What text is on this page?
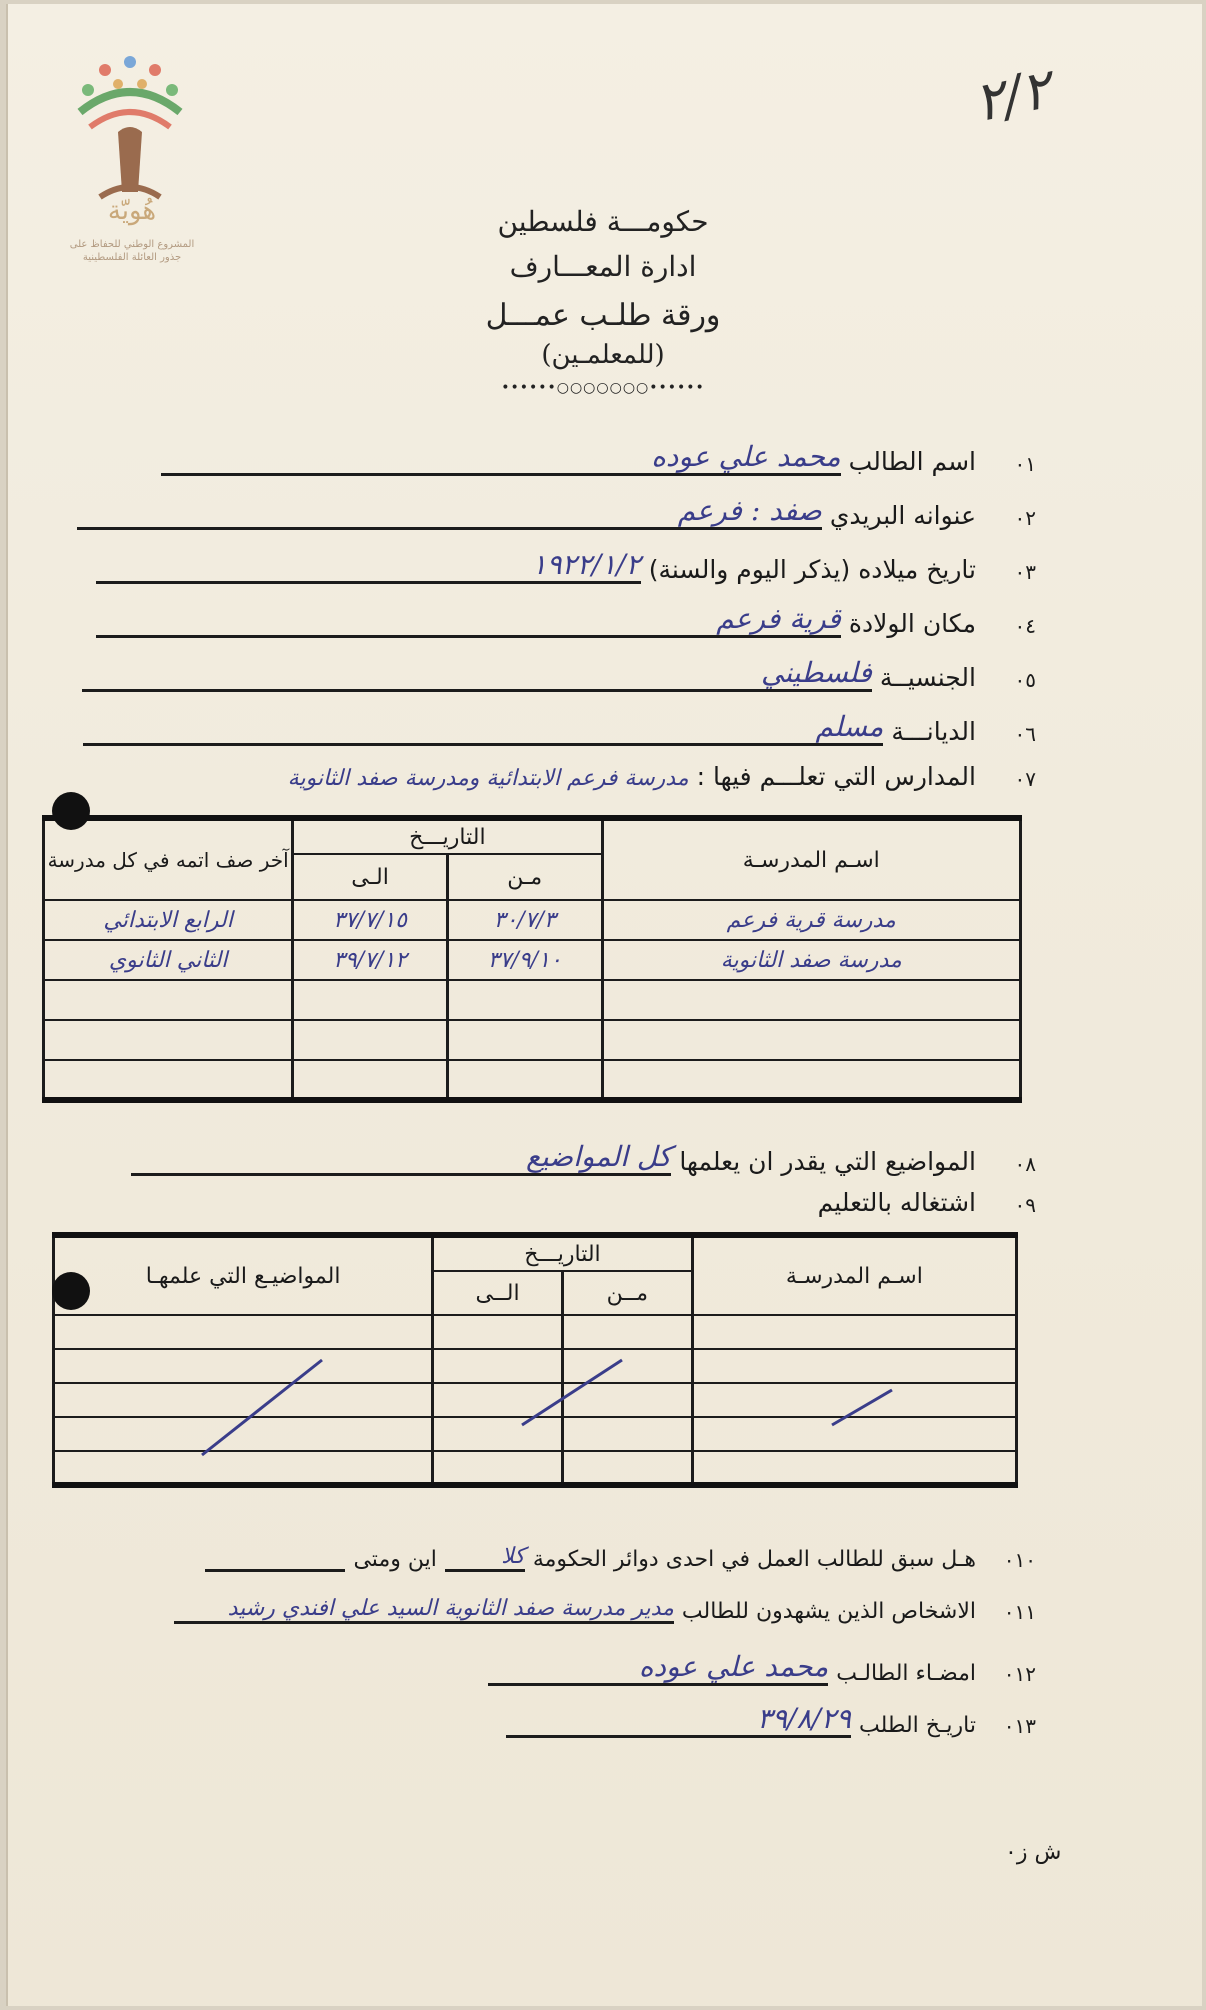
هُويّة
المشروع الوطني للحفاظ على
جذور العائلة الفلسطينية
٢/٢
حكومـــة فلسطين
ادارة المعـــارف
ورقة طلـب عمـــل
(للمعلمـين)
••••••○○○○○○○••••••
٠١
اسم الطالب
محمد علي عوده
٠٢
عنوانه البريدي
صفد : فرعم
٠٣
تاريخ ميلاده (يذكر اليوم والسنة)
١٩٢٢/١/٢
٠٤
مكان الولادة
قرية فرعم
٠٥
الجنسيــة
فلسطيني
٠٦
الديانـــة
مسلم
٠٧
المدارس التي تعلـــم فيها :
مدرسة فرعم الابتدائية ومدرسة صفد الثانوية
اسـم المدرسـة	التاريـــخ		آخر صف اتمه في كل مدرسة
	مـن	الـى	
مدرسة قرية فرعم	٣٠/٧/٣	٣٧/٧/١٥	الرابع الابتدائي
مدرسة صفد الثانوية	٣٧/٩/١٠	٣٩/٧/١٢	الثاني الثانوي

٠٨
المواضيع التي يقدر ان يعلمها
كل المواضيع
٠٩
اشتغاله بالتعليم
اسـم المدرسـة	التاريـــخ		المواضيـع التي علمهـا
	مــن	الــى	

٠١٠
هـل سبق للطالب العمل في احدى دوائر الحكومة
كلا
اين ومتى
٠١١
الاشخاص الذين يشهدون للطالب
مدير مدرسة صفد الثانوية السيد علي افندي رشيد
٠١٢
امضـاء الطالـب
محمد علي عوده
٠١٣
تاريـخ الطلب
٣٩/٨/٢٩
ش ز٠
